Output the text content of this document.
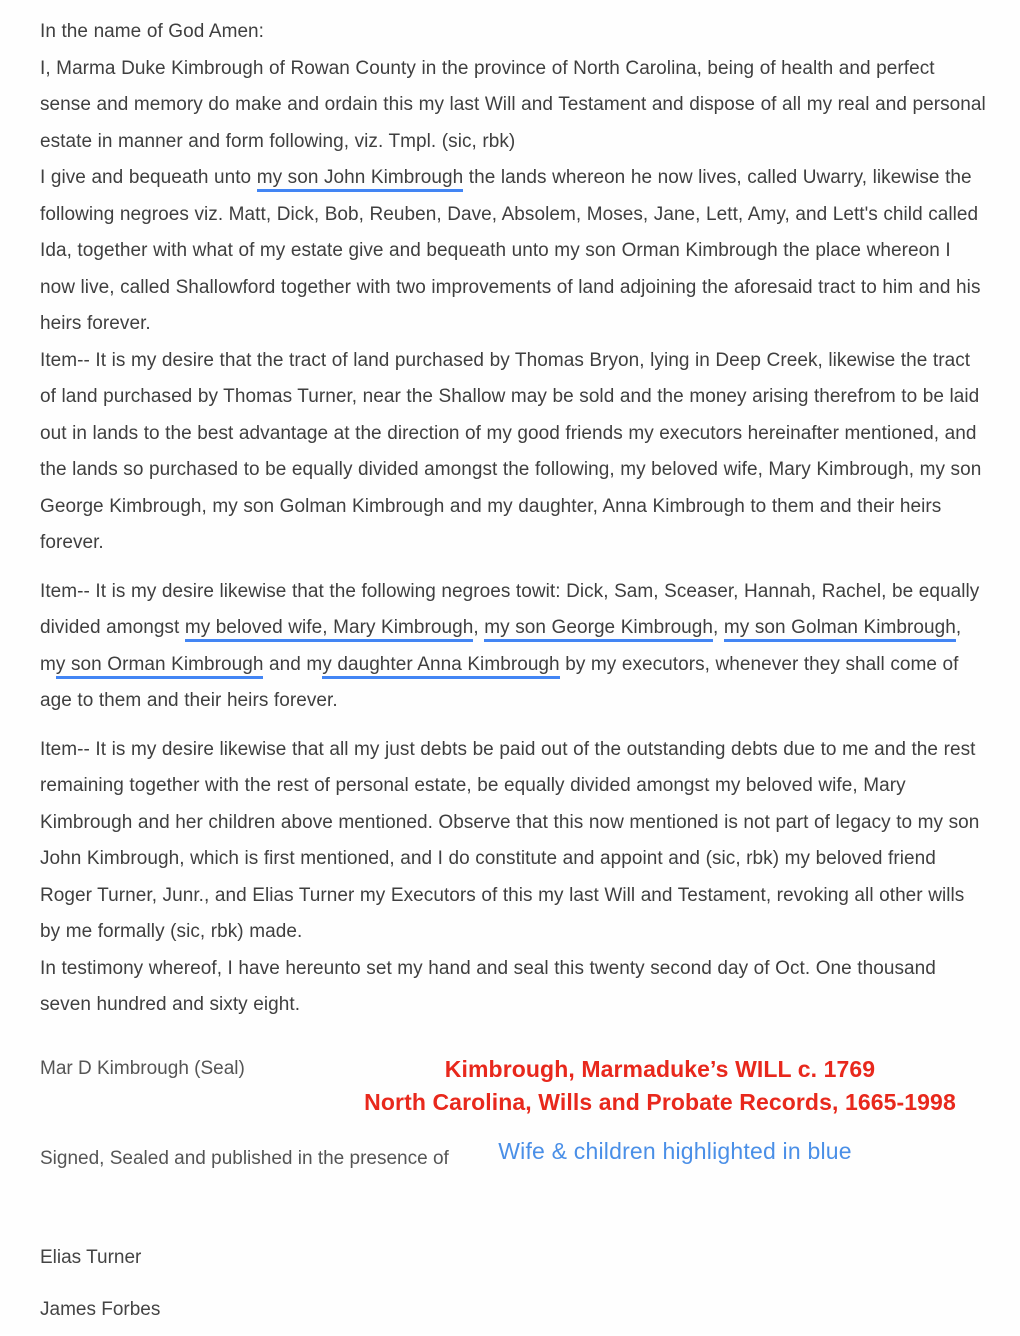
In the name of God Amen:

I, Marma Duke Kimbrough of Rowan County in the province of North Carolina, being of health and perfect sense and memory do make and ordain this my last Will and Testament and dispose of all my real and personal estate in manner and form following, viz. Tmpl. (sic, rbk)

I give and bequeath unto my son John Kimbrough the lands whereon he now lives, called Uwarry, likewise the following negroes viz. Matt, Dick, Bob, Reuben, Dave, Absolem, Moses, Jane, Lett, Amy, and Lett's child called Ida, together with what of my estate give and bequeath unto my son Orman Kimbrough the place whereon I now live, called Shallowford together with two improvements of land adjoining the aforesaid tract to him and his heirs forever.

Item-- It is my desire that the tract of land purchased by Thomas Bryon, lying in Deep Creek, likewise the tract of land purchased by Thomas Turner, near the Shallow may be sold and the money arising therefrom to be laid out in lands to the best advantage at the direction of my good friends my executors hereinafter mentioned, and the lands so purchased to be equally divided amongst the following, my beloved wife, Mary Kimbrough, my son George Kimbrough, my son Golman Kimbrough and my daughter, Anna Kimbrough to them and their heirs forever.

Item-- It is my desire likewise that the following negroes towit: Dick, Sam, Sceaser, Hannah, Rachel, be equally divided amongst my beloved wife, Mary Kimbrough, my son George Kimbrough, my son Golman Kimbrough, my son Orman Kimbrough and my daughter Anna Kimbrough by my executors, whenever they shall come of age to them and their heirs forever.

Item-- It is my desire likewise that all my just debts be paid out of the outstanding debts due to me and the rest remaining together with the rest of personal estate, be equally divided amongst my beloved wife, Mary Kimbrough and her children above mentioned. Observe that this now mentioned is not part of legacy to my son John Kimbrough, which is first mentioned, and I do constitute and appoint and (sic, rbk) my beloved friend Roger Turner, Junr., and Elias Turner my Executors of this my last Will and Testament, revoking all other wills by me formally (sic, rbk) made.

In testimony whereof, I have hereunto set my hand and seal this twenty second day of Oct. One thousand seven hundred and sixty eight.

Mar D Kimbrough (Seal)
Signed, Sealed and published in the presence of
Kimbrough, Marmaduke’s WILL c. 1769
North Carolina, Wills and Probate Records, 1665-1998
Wife & children highlighted in blue
Elias Turner
James Forbes
